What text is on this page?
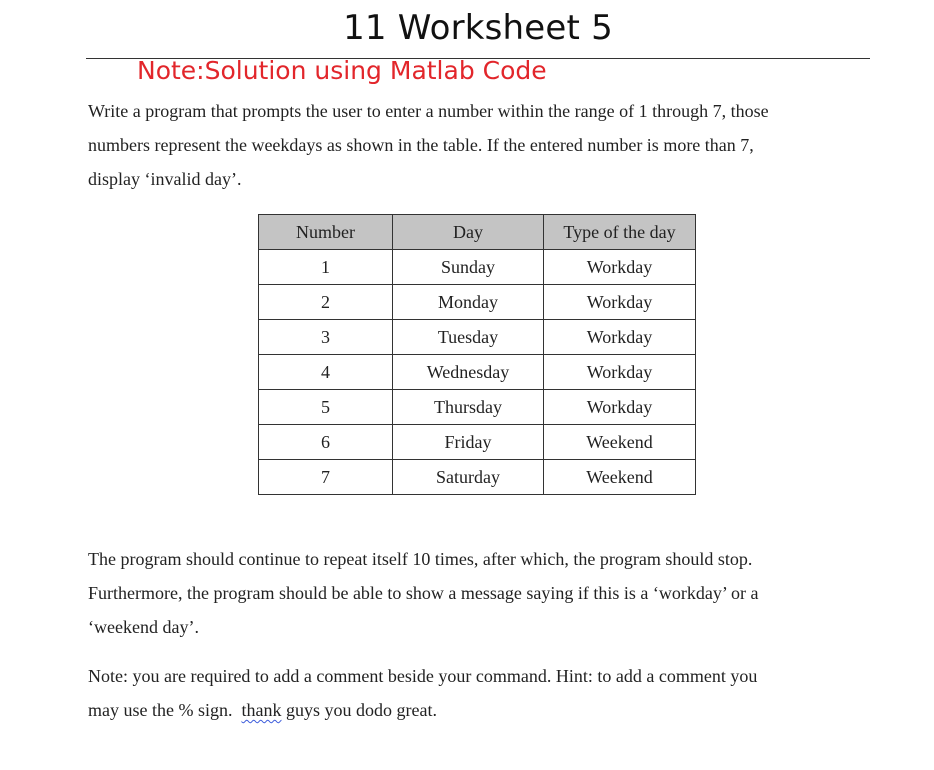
11 Worksheet 5
Note:Solution using Matlab Code

Write a program that prompts the user to enter a number within the range of 1 through 7, those
numbers represent the weekdays as shown in the table. If the entered number is more than 7,
display ‘invalid day’.

Number	Day	Type of the day
1	Sunday	Workday
2	Monday	Workday
3	Tuesday	Workday
4	Wednesday	Workday
5	Thursday	Workday
6	Friday	Weekend
7	Saturday	Weekend

The program should continue to repeat itself 10 times, after which, the program should stop.
Furthermore, the program should be able to show a message saying if this is a ‘workday’ or a
‘weekend day’.

Note: you are required to add a comment beside your command. Hint: to add a comment you
may use the % sign.  thank guys you dodo great.
